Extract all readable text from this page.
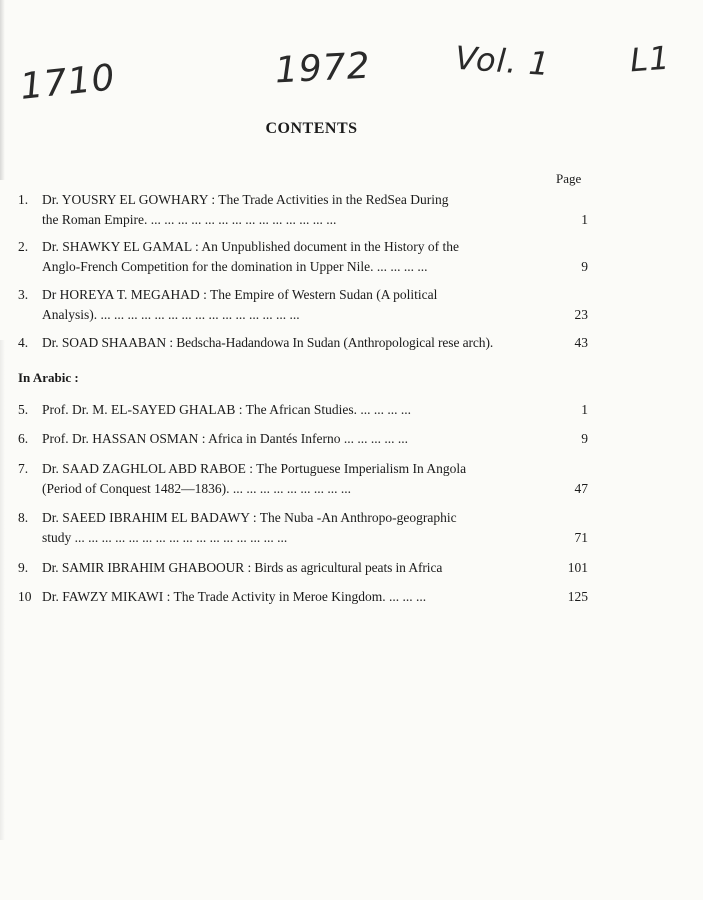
1710	1972	Vol. 1 L1
CONTENTS
Page
1.	Dr. YOUSRY EL GOWHARY : The Trade Activities in the RedSea During
the Roman Empire. ... ... ... ... ... ... ... ... ... ... ... ... ... ...	1
2.	Dr. SHAWKY EL GAMAL : An Unpublished document in the History of the
Anglo-French Competition for the domination in Upper Nile. ... ... ... ...	9
3.	Dr HOREYA T. MEGAHAD : The Empire of Western Sudan (A political
Analysis). ... ... ... ... ... ... ... ... ... ... ... ... ... ... ...	23
4.	Dr. SOAD SHAABAN : Bedscha-Hadandowa In Sudan (Anthropological rese arch).	43
In Arabic :
5.	Prof. Dr. M. EL-SAYED GHALAB : The African Studies. ... ... ... ...	1
6.	Prof. Dr. HASSAN OSMAN : Africa in Dantés Inferno ... ... ... ... ...	9
7.	Dr. SAAD ZAGHLOL ABD RABOE : The Portuguese Imperialism In Angola
(Period of Conquest 1482—1836). ... ... ... ... ... ... ... ... ...	47
8.	Dr. SAEED IBRAHIM EL BADAWY : The Nuba -An Anthropo-geographic
study ... ... ... ... ... ... ... ... ... ... ... ... ... ... ... ...	71
9.	Dr. SAMIR IBRAHIM GHABOOUR : Birds as agricultural peats in Africa	101
10 Dr. FAWZY MIKAWI : The Trade Activity in Meroe Kingdom. ... ... ...	125
